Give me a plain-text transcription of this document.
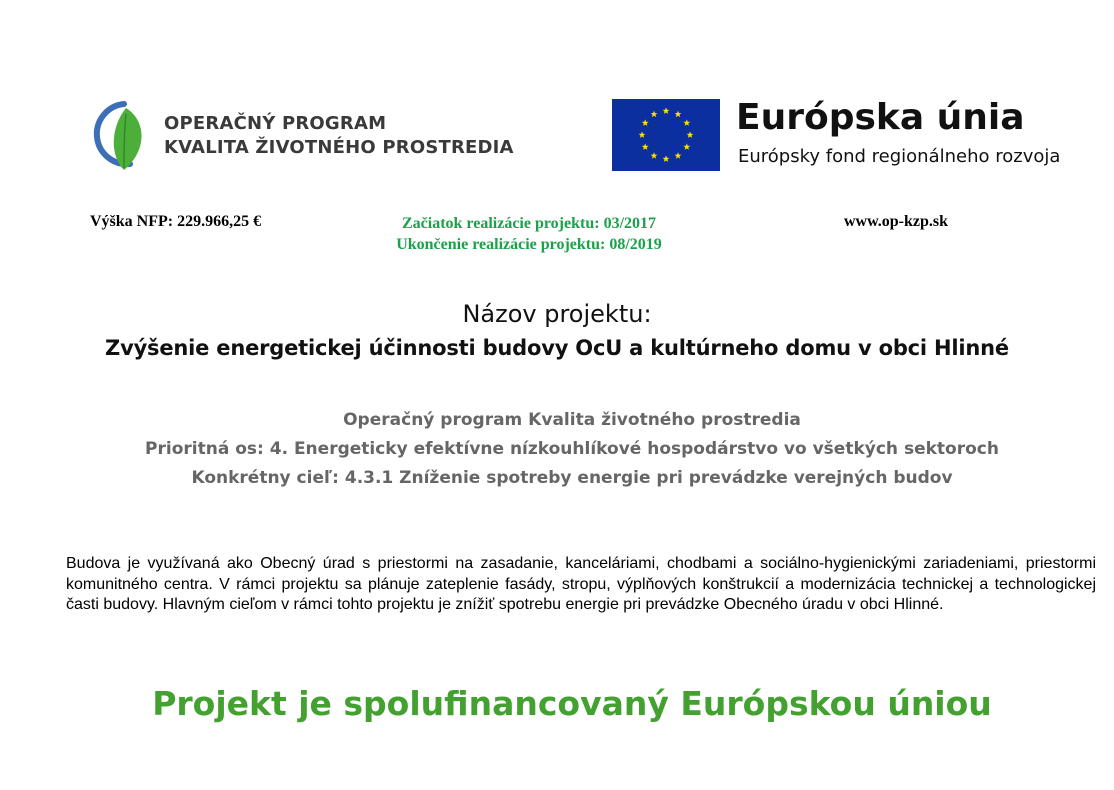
OPERAČNÝ PROGRAM
KVALITA ŽIVOTNÉHO PROSTREDIA
Európska únia
Európsky fond regionálneho rozvoja
Výška NFP: 229.966,25 €	Začiatok realizácie projektu: 03/2017
Ukončenie realizácie projektu: 08/2019
www.op-kzp.sk
Názov projektu:
Zvýšenie energetickej účinnosti budovy OcU a kultúrneho domu v obci Hlinné
Operačný program Kvalita životného prostredia
Prioritná os: 4. Energeticky efektívne nízkouhlíkové hospodárstvo vo všetkých sektoroch
Konkrétny cieľ: 4.3.1 Zníženie spotreby energie pri prevádzke verejných budov
Budova je využívaná ako Obecný úrad s priestormi na zasadanie, kanceláriami, chodbami a sociálno-hygienickými zariadeniami, priestormi komunitného centra. V rámci projektu sa plánuje zateplenie fasády, stropu, výplňových konštrukcií a modernizácia technickej a technologickej časti budovy. Hlavným cieľom v rámci tohto projektu je znížiť spotrebu energie pri prevádzke Obecného úradu v obci Hlinné.
Projekt je spolufinancovaný Európskou úniou
